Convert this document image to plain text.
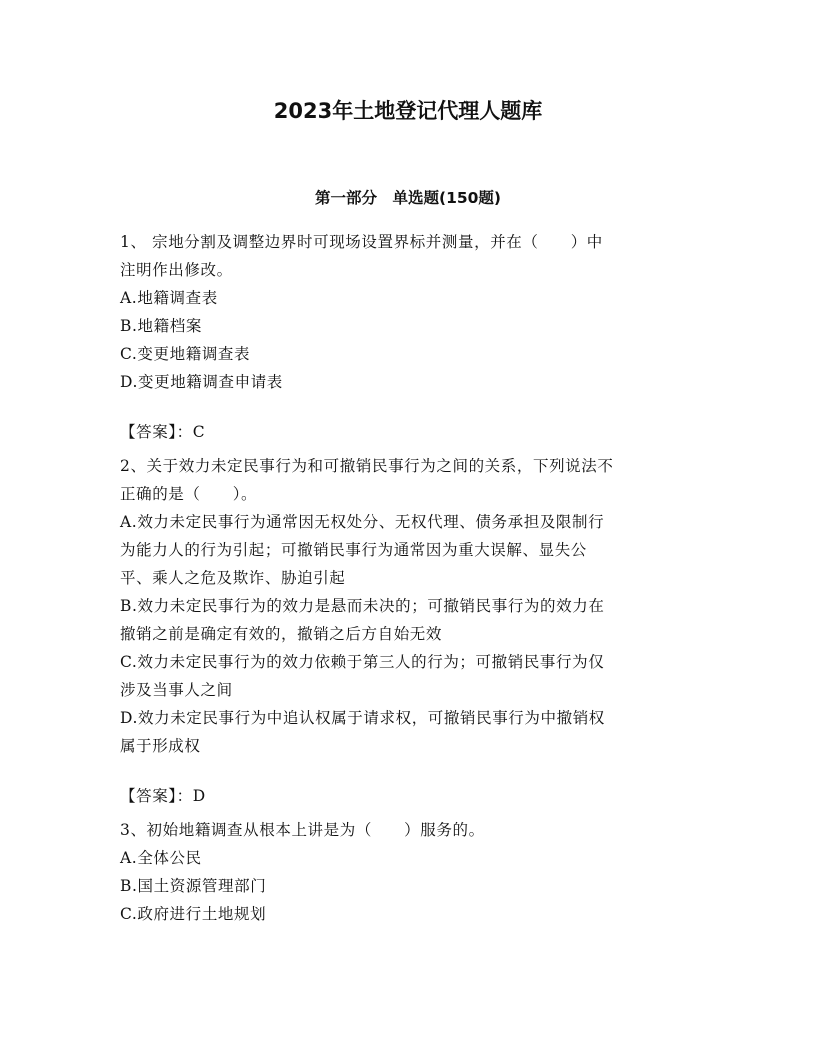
2023年土地登记代理人题库
第一部分　单选题(150题)
1、 宗地分割及调整边界时可现场设置界标并测量，并在（　　）中
注明作出修改。
A.地籍调查表
B.地籍档案
C.变更地籍调查表
D.变更地籍调查申请表
【答案】：C
2、关于效力未定民事行为和可撤销民事行为之间的关系，下列说法不
正确的是（　　）。
A.效力未定民事行为通常因无权处分、无权代理、债务承担及限制行
为能力人的行为引起；可撤销民事行为通常因为重大误解、显失公
平、乘人之危及欺诈、胁迫引起
B.效力未定民事行为的效力是悬而未决的；可撤销民事行为的效力在
撤销之前是确定有效的，撤销之后方自始无效
C.效力未定民事行为的效力依赖于第三人的行为；可撤销民事行为仅
涉及当事人之间
D.效力未定民事行为中追认权属于请求权，可撤销民事行为中撤销权
属于形成权
【答案】：D
3、初始地籍调查从根本上讲是为（　　）服务的。
A.全体公民
B.国土资源管理部门
C.政府进行土地规划
